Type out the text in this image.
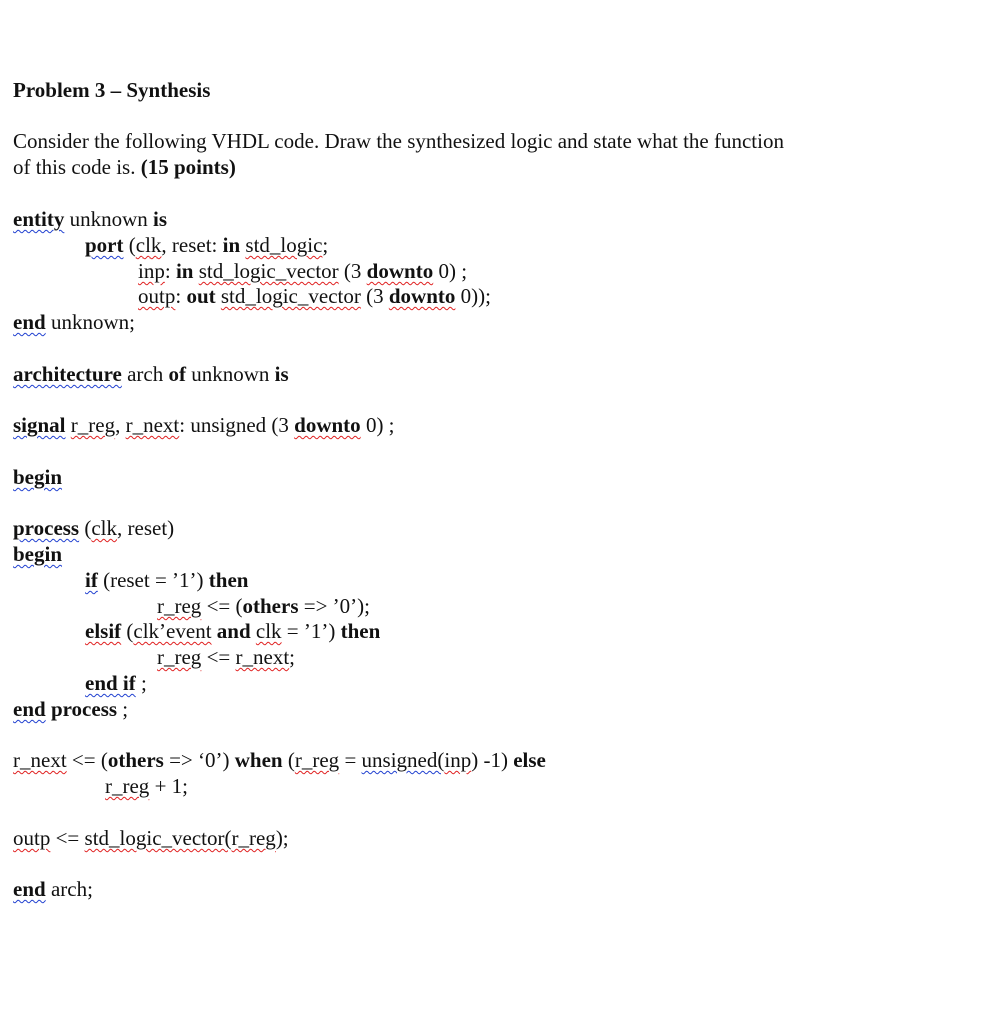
Problem 3 – Synthesis
Consider the following VHDL code. Draw the synthesized logic and state what the function
of this code is. (15 points)
entity unknown is
port (clk, reset: in std_logic;
inp: in std_logic_vector (3 downto 0) ;
outp: out std_logic_vector (3 downto 0));
end unknown;
architecture arch of unknown is
signal r_reg, r_next: unsigned (3 downto 0) ;
begin
process (clk, reset)
begin
if (reset = ’1’) then
r_reg <= (others => ’0’);
elsif (clk’event and clk = ’1’) then
r_reg <= r_next;
end if ;
end process ;
r_next <= (others => ‘0’) when (r_reg = unsigned(inp) -1) else
r_reg + 1;
outp <= std_logic_vector(r_reg);
end arch;
